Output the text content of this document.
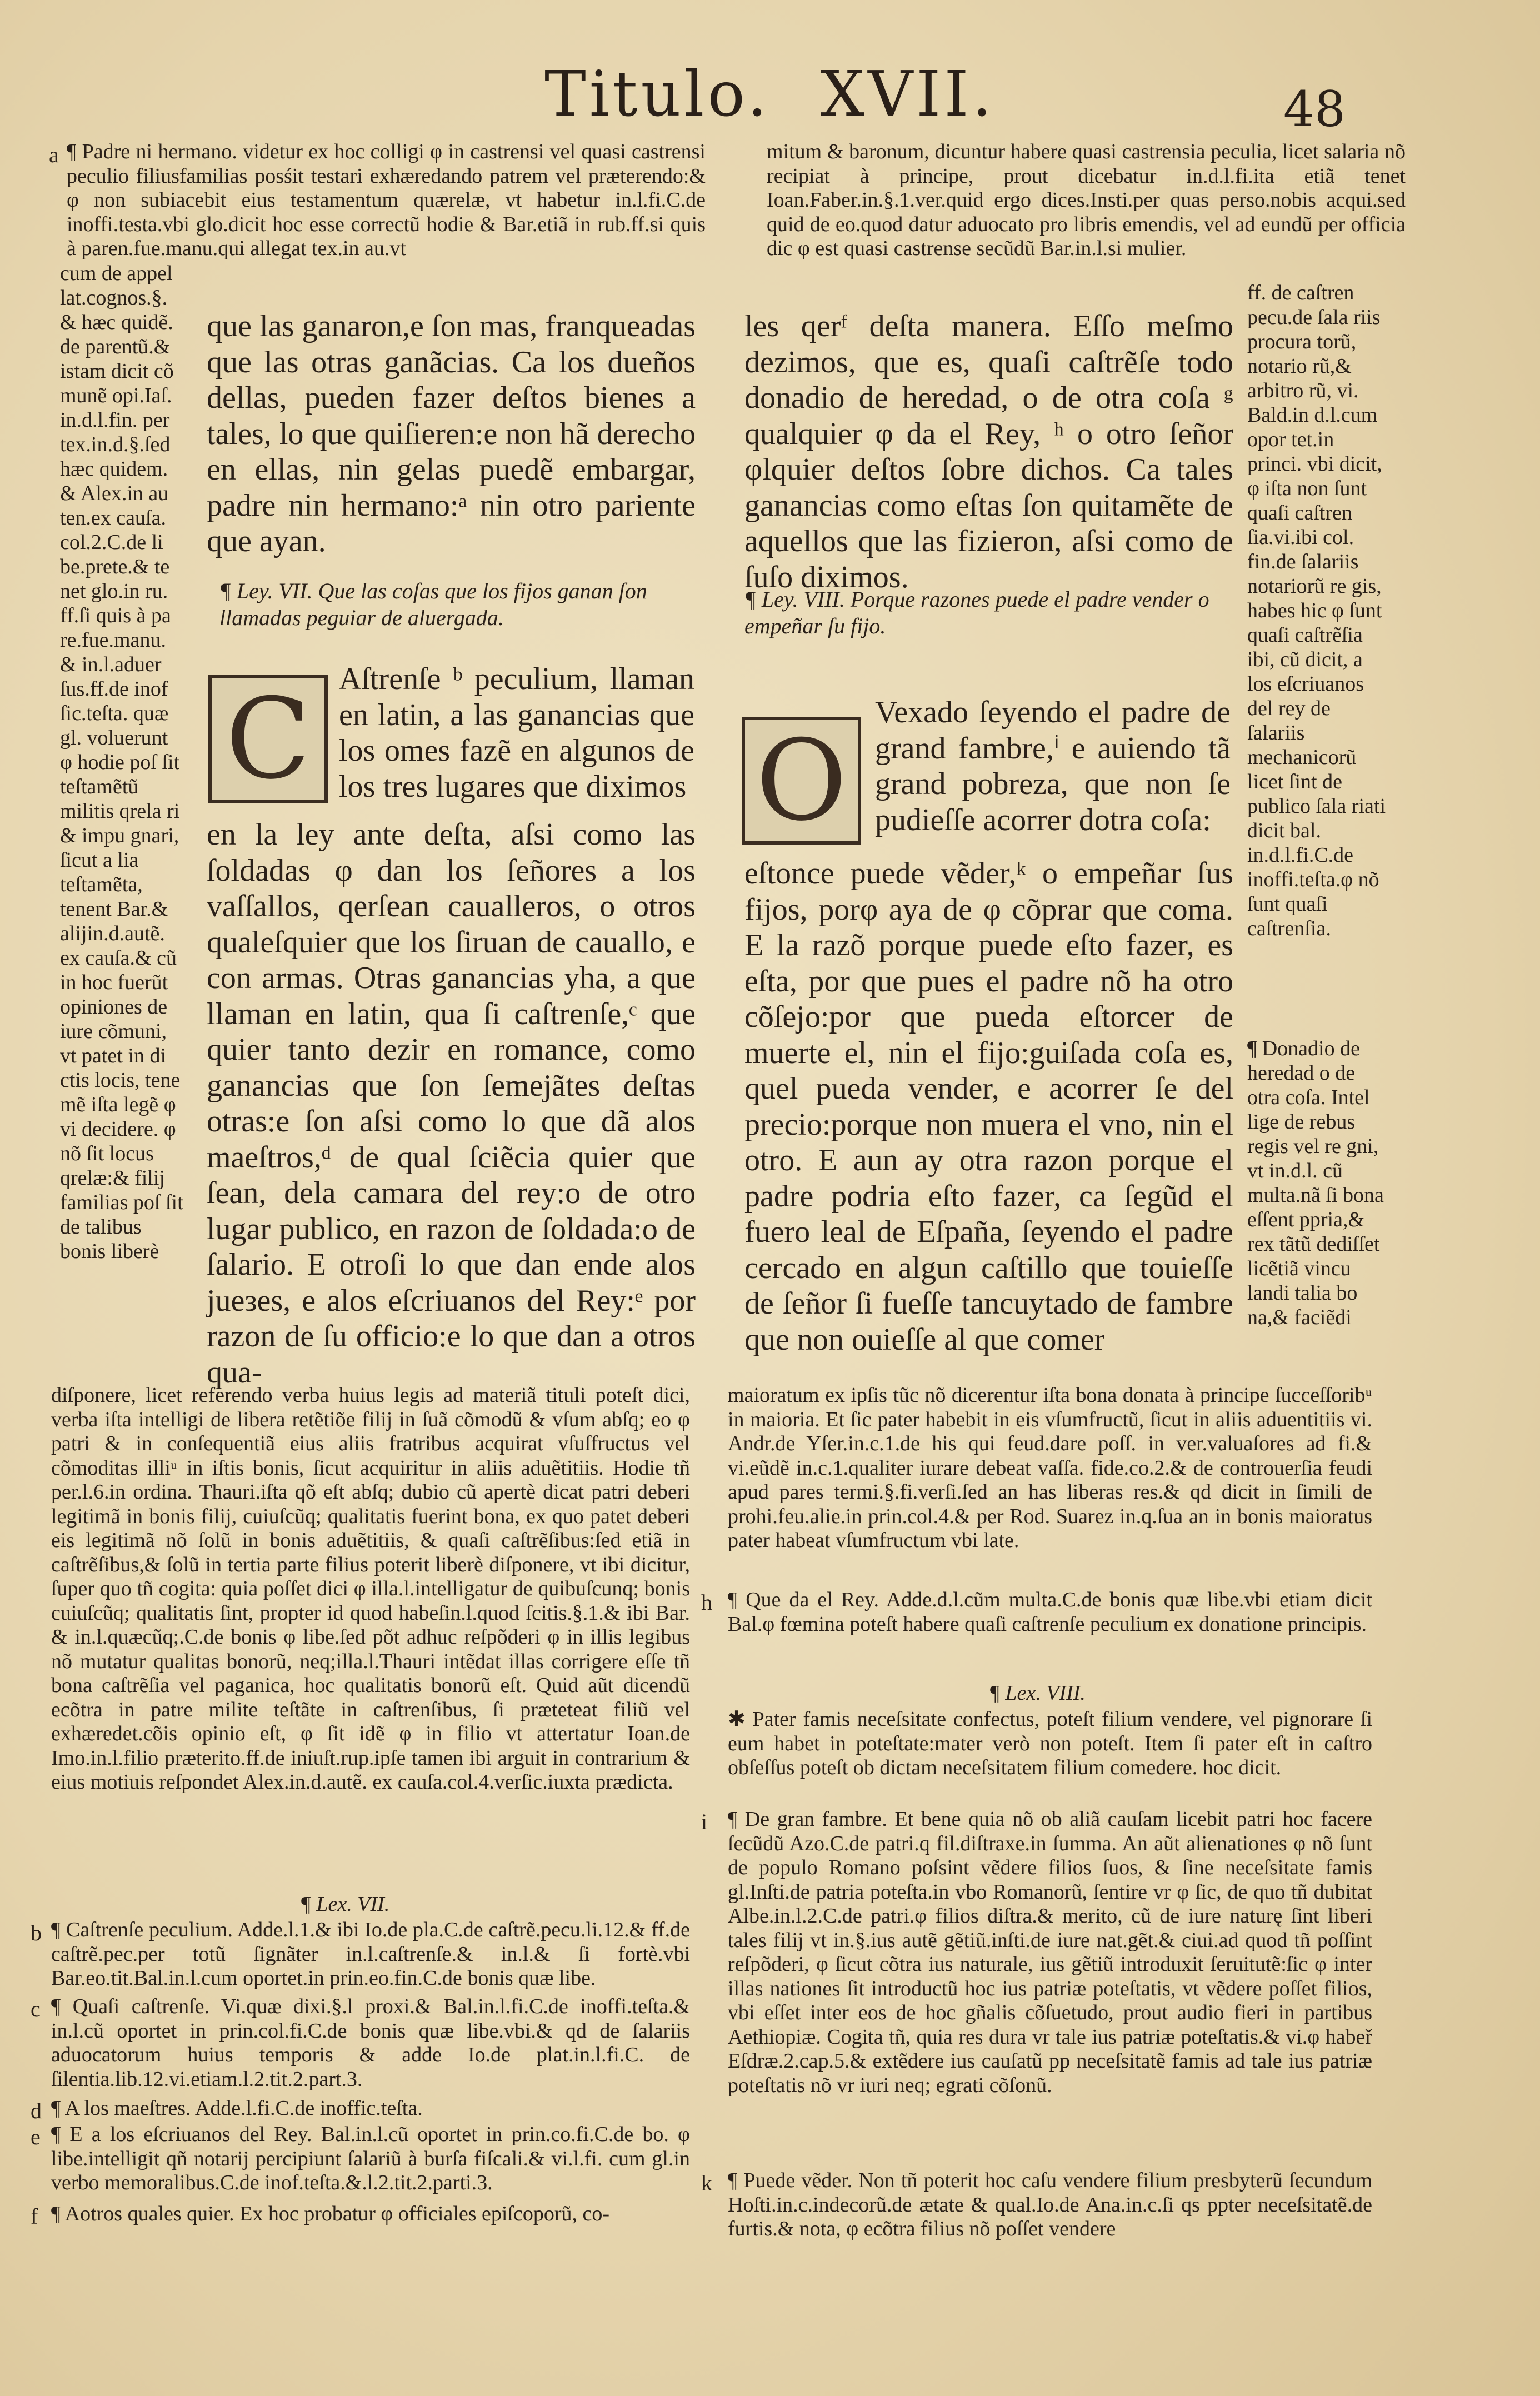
Titulo. XVII.	48
a ¶ Padre ni hermano. videtur ex hoc colligi φ in castrensi vel quasi castrensi peculio filiusfamilias posśit testari exhæredando patrem vel præterendo:& φ non subiacebit eius testamentum quærelæ, vt habetur in.l.fi.C.de inoffi.testa.vbi glo.dicit hoc esse correctũ hodie & Bar.etiã in rub.ff.si quis à paren.fue.manu.qui allegat tex.in au.vt
mitum & baronum, dicuntur habere quasi castrensia peculia, licet salaria nõ recipiat à principe, prout dicebatur in.d.l.fi.ita etiã tenet Ioan.Faber.in.§.1.ver.quid ergo dices.Insti.per quas perso.nobis acqui.sed quid de eo.quod datur aduocato pro libris emendis, vel ad eundũ per officia dic φ est quasi castrense secũdũ Bar.in.l.si mulier.
cum de appel lat.cognos.§. & hæc quidẽ. de parentũ.& istam dicit cõ munẽ opi.Iaſ. in.d.l.fin. per tex.in.d.§.ſed hæc quidem. & Alex.in au ten.ex cauſa. col.2.C.de li be.prete.& te net glo.in ru. ff.ſi quis à pa re.fue.manu. & in.l.aduer ſus.ff.de inof ſic.teſta. quæ gl. voluerunt φ hodie poſ ſit teſtamẽtũ militis qrela ri & impu gnari, ſicut a lia teſtamẽta, tenent Bar.& alijin.d.autẽ. ex cauſa.& cũ in hoc fuerũt opiniones de iure cõmuni, vt patet in di ctis locis, tene mẽ iſta legẽ φ vi decidere. φ nõ ſit locus qrelæ:& filij familias poſ ſit de talibus bonis liberè
ff. de caſtren pecu.de ſala riis procura torũ, notario rũ,& arbitro rũ, vi. Bald.in d.l.cum opor tet.in princi. vbi dicit, φ iſta non ſunt quaſi caſtren ſia.vi.ibi col. fin.de ſalariis notariorũ re gis, habes hic φ ſunt quaſi caſtrẽſia ibi, cũ dicit, a los eſcriuanos del rey de ſalariis mechanicorũ licet ſint de publico ſala riati dicit bal. in.d.l.fi.C.de inoffi.teſta.φ nõ ſunt quaſi caſtrenſia.
¶ Donadio de heredad o de otra coſa. Intel lige de rebus regis vel re gni, vt in.d.l. cũ multa.nã ſi bona eſſent ppria,& rex tãtũ dediſſet licẽtiã vincu landi talia bo na,& faciẽdi
que las ganaron,e ſon mas, franqueadas que las otras ganãcias. Ca los dueños dellas, pueden fazer deſtos bienes a tales, lo que quiſieren:e non hã derecho en ellas, nin gelas puedẽ embargar, padre nin hermano:ᵃ nin otro pariente que ayan.
¶ Ley. VII. Que las coſas que los fijos ganan ſon llamadas peguiar de aluergada.
C Aſtrenſe ᵇ peculium, llaman en latin, a las ganancias que los omes fazẽ en algunos de los tres lugares que diximos
en la ley ante deſta, aſsi como las ſoldadas φ dan los ſeñores a los vaſſallos, qerſean caualleros, o otros qualeſquier que los ſiruan de cauallo, e con armas. Otras ganancias yha, a que llaman en latin, qua ſi caſtrenſe,ᶜ que quier tanto dezir en romance, como ganancias que ſon ſemejãtes deſtas otras:e ſon aſsi como lo que dã alos maeſtros,ᵈ de qual ſciẽcia quier que ſean, dela camara del rey:o de otro lugar publico, en razon de ſoldada:o de ſalario. E otroſi lo que dan ende alos jueзes, e alos eſcriuanos del Rey:ᵉ por razon de ſu officio:e lo que dan a otros qua-
les qerᶠ deſta manera. Eſſo meſmo dezimos, que es, quaſi caſtrẽſe todo donadio de heredad, o de otra coſa ᵍ qualquier φ da el Rey, ʰ o otro ſeñor φlquier deſtos ſobre dichos. Ca tales ganancias como eſtas ſon quitamẽte de aquellos que las fizieron, aſsi como de ſuſo diximos.
¶ Ley. VIII. Porque razones puede el padre vender o empeñar ſu fijo.
O
Vexado ſeyendo el padre de grand fambre,ⁱ e auiendo tã grand pobreza, que non ſe pudieſſe acorrer dotra coſa:
eſtonce puede vẽder,ᵏ o empeñar ſus fijos, porφ aya de φ cõprar que coma. E la razõ porque puede eſto fazer, es eſta, por que pues el padre nõ ha otro cõſejo:por que pueda eſtorcer de muerte el, nin el fijo:guiſada coſa es, quel pueda vender, e acorrer ſe del precio:porque non muera el vno, nin el otro. E aun ay otra razon porque el padre podria eſto fazer, ca ſegũd el fuero leal de Eſpaña, ſeyendo el padre cercado en algun caſtillo que touieſſe de ſeñor ſi fueſſe tancuytado de fambre que non ouieſſe al que comer
diſponere, licet referendo verba huius legis ad materiã tituli poteſt dici, verba iſta intelligi de libera retẽtiõe filij in ſuã cõmodũ & vſum abſq; eo φ patri & in conſequentiã eius aliis fratribus acquirat vſuſfructus vel cõmoditas illiᵘ in iſtis bonis, ſicut acquiritur in aliis aduẽtitiis. Hodie tñ per.l.6.in ordina. Thauri.iſta qõ eſt abſq; dubio cũ apertè dicat patri deberi legitimã in bonis filij, cuiuſcũq; qualitatis fuerint bona, ex quo patet deberi eis legitimã nõ ſolũ in bonis aduẽtitiis, & quaſi caſtrẽſibus:ſed etiã in caſtrẽſibus,& ſolũ in tertia parte filius poterit liberè diſponere, vt ibi dicitur, ſuper quo tñ cogita: quia poſſet dici φ illa.l.intelligatur de quibuſcunq; bonis cuiuſcũq; qualitatis ſint, propter id quod habeſin.l.quod ſcitis.§.1.& ibi Bar. & in.l.quæcũq;.C.de bonis φ libe.ſed põt adhuc reſpõderi φ in illis legibus nõ mutatur qualitas bonorũ, neq;illa.l.Thauri intẽdat illas corrigere eſſe tñ bona caſtrẽſia vel paganica, hoc qualitatis bonorũ eſt. Quid aũt dicendũ ecõtra in patre milite teſtãte in caſtrenſibus, ſi præteteat filiũ vel exhæredet.cõis opinio eſt, φ ſit idẽ φ in filio vt attertatur Ioan.de Imo.in.l.filio præterito.ff.de iniuſt.rup.ipſe tamen ibi arguit in contrarium & eius motiuis reſpondet Alex.in.d.autẽ. ex cauſa.col.4.verſic.iuxta prædicta.
¶ Lex. VII.
b ¶ Caſtrenſe peculium. Adde.l.1.& ibi Io.de pla.C.de caſtrẽ.pecu.li.12.& ff.de caſtrẽ.pec.per totũ ſignãter in.l.caſtrenſe.& in.l.& ſi fortè.vbi Bar.eo.tit.Bal.in.l.cum oportet.in prin.eo.fin.C.de bonis quæ libe.
c ¶ Quaſi caſtrenſe. Vi.quæ dixi.§.l proxi.& Bal.in.l.fi.C.de inoffi.teſta.& in.l.cũ oportet in prin.col.fi.C.de bonis quæ libe.vbi.& qd de ſalariis aduocatorum huius temporis & adde Io.de plat.in.l.fi.C. de ſilentia.lib.12.vi.etiam.l.2.tit.2.part.3.
d ¶ A los maeſtres. Adde.l.fi.C.de inoffic.teſta.
e ¶ E a los eſcriuanos del Rey. Bal.in.l.cũ oportet in prin.co.fi.C.de bo. φ libe.intelligit qñ notarij percipiunt ſalariũ à burſa fiſcali.& vi.l.fi. cum gl.in verbo memoralibus.C.de inof.teſta.&.l.2.tit.2.parti.3.
f ¶ Aotros quales quier. Ex hoc probatur φ officiales epiſcoporũ, co-
maioratum ex ipſis tũc nõ dicerentur iſta bona donata à principe ſucceſſoribᵘ in maioria. Et ſic pater habebit in eis vſumfructũ, ſicut in aliis aduentitiis vi. Andr.de Yſer.in.c.1.de his qui feud.dare poſſ. in ver.valuaſores ad fi.& vi.eũdẽ in.c.1.qualiter iurare debeat vaſſa. fide.co.2.& de controuerſia feudi apud pares termi.§.fi.verſi.ſed an has liberas res.& qd dicit in ſimili de prohi.feu.alie.in prin.col.4.& per Rod. Suarez in.q.ſua an in bonis maioratus pater habeat vſumfructum vbi late.
h ¶ Que da el Rey. Adde.d.l.cũm multa.C.de bonis quæ libe.vbi etiam dicit Bal.φ fœmina poteſt habere quaſi caſtrenſe peculium ex donatione principis.
¶ Lex. VIII.
✱ Pater famis neceſsitate confectus, poteſt filium vendere, vel pignorare ſi eum habet in poteſtate:mater verò non poteſt. Item ſi pater eſt in caſtro obſeſſus poteſt ob dictam neceſsitatem filium comedere. hoc dicit.
i ¶ De gran fambre. Et bene quia nõ ob aliã cauſam licebit patri hoc facere ſecũdũ Azo.C.de patri.q fil.diſtraxe.in ſumma. An aũt alienationes φ nõ ſunt de populo Romano poſsint vẽdere filios ſuos, & ſine neceſsitate famis gl.Inſti.de patria poteſta.in vbo Romanorũ, ſentire vr φ ſic, de quo tñ dubitat Albe.in.l.2.C.de patri.φ filios diſtra.& merito, cũ de iure naturę ſint liberi tales filij vt in.§.ius autẽ gẽtiũ.inſti.de iure nat.gẽt.& ciui.ad quod tñ poſſint reſpõderi, φ ſicut cõtra ius naturale, ius gẽtiũ introduxit ſeruitutẽ:ſic φ inter illas nationes ſit introductũ hoc ius patriæ poteſtatis, vt vẽdere poſſet filios, vbi eſſet inter eos de hoc gñalis cõſuetudo, prout audio fieri in partibus Aethiopiæ. Cogita tñ, quia res dura vr tale ius patriæ poteſtatis.& vi.φ habeř Eſdræ.2.cap.5.& extẽdere ius cauſatũ pp neceſsitatẽ famis ad tale ius patriæ poteſtatis nõ vr iuri neq; egrati cõſonũ.
k ¶ Puede vẽder. Non tñ poterit hoc caſu vendere filium presbyterũ ſecundum Hoſti.in.c.indecorũ.de ætate & qual.Io.de Ana.in.c.ſi qs ppter neceſsitatẽ.de furtis.& nota, φ ecõtra filius nõ poſſet vendere
